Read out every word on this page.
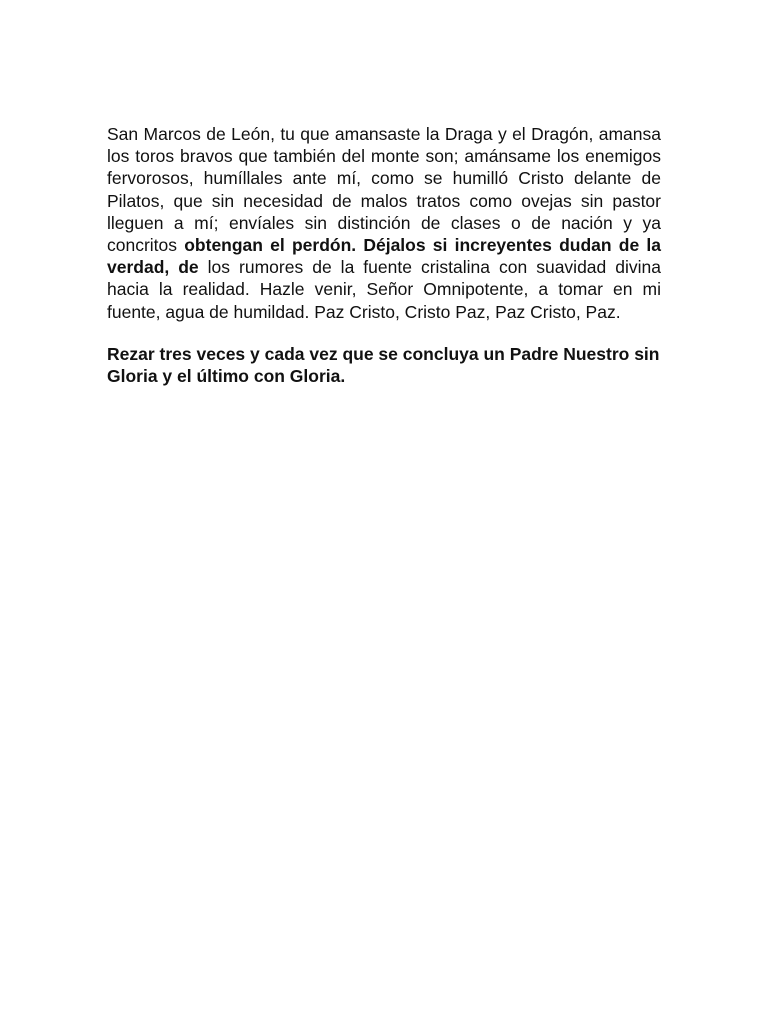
San Marcos de León, tu que amansaste la Draga y el Dragón, amansa los toros bravos que también del monte son; amánsame los enemigos fervorosos, humíllales ante mí, como se humilló Cristo delante de Pilatos, que sin necesidad de malos tratos como ovejas sin pastor lleguen a mí; envíales sin distinción de clases o de nación y ya concritos obtengan el perdón. Déjalos si increyentes dudan de la verdad, de los rumores de la fuente cristalina con suavidad divina hacia la realidad. Hazle venir, Señor Omnipotente, a tomar en mi fuente, agua de humildad. Paz Cristo, Cristo Paz, Paz Cristo, Paz.

Rezar tres veces y cada vez que se concluya un Padre Nuestro sin Gloria y el último con Gloria.
